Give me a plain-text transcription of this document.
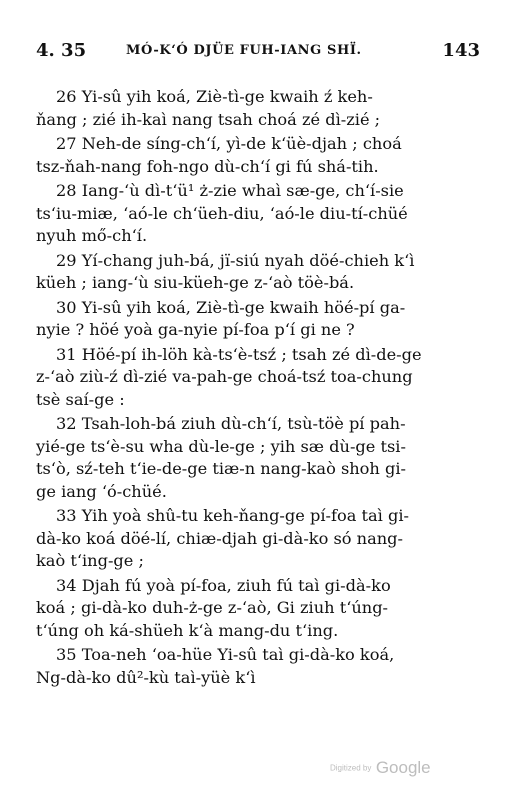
4. 35	MÓ-K‘Ó DJÜE FUH-IANG SHÏ.	143
26 Yi-sû yih koá, Ziè-tì-ge kwaih ź keh-
ňang ; zié ih-kaì nang tsah choá zé dì-zié ;
27 Neh-de síng-ch‘í, yì-de k‘üè-djah ; choá
tsz-ňah-nang foh-ngo dù-ch‘í gi fú shá-tih.
28 Iang-‘ù dì-t‘ü¹ ż-zie whaì sæ-ge, ch‘í-sie
ts‘iu-miæ, ‘aó-le ch‘üeh-diu, ‘aó-le diu-tí-chüé
nyuh mő-ch‘í.
29 Yí-chang juh-bá, jï-siú nyah döé-chieh k‘ì
küeh ; iang-‘ù siu-küeh-ge z-‘aò töè-bá.
30 Yi-sû yih koá, Ziè-tì-ge kwaih höé-pí ga-
nyie ? höé yoà ga-nyie pí-foa p‘í gi ne ?
31 Höé-pí ih-löh kà-ts‘è-tsź ; tsah zé dì-de-ge
z-‘aò ziù-ź dì-zié va-pah-ge choá-tsź toa-chung
tsè saí-ge :
32 Tsah-loh-bá ziuh dù-ch‘í, tsù-töè pí pah-
yié-ge ts‘è-su wha dù-le-ge ; yih sæ dù-ge tsi-
ts‘ò, sź-teh t‘ie-de-ge tiæ-n nang-kaò shoh gi-
ge iang ‘ó-chüé.
33 Yih yoà shû-tu keh-ňang-ge pí-foa taì gi-
dà-ko koá döé-lí, chiæ-djah gi-dà-ko só nang-
kaò t‘ing-ge ;
34 Djah fú yoà pí-foa, ziuh fú taì gi-dà-ko
koá ; gi-dà-ko duh-ż-ge z-‘aò, Gi ziuh t‘úng-
t‘úng oh ká-shüeh k‘à mang-du t‘ing.
35 Toa-neh ‘oa-hüe Yi-sû taì gi-dà-ko koá,
Ng-dà-ko dû²-kù taì-yüè k‘ì
Digitized by Google
